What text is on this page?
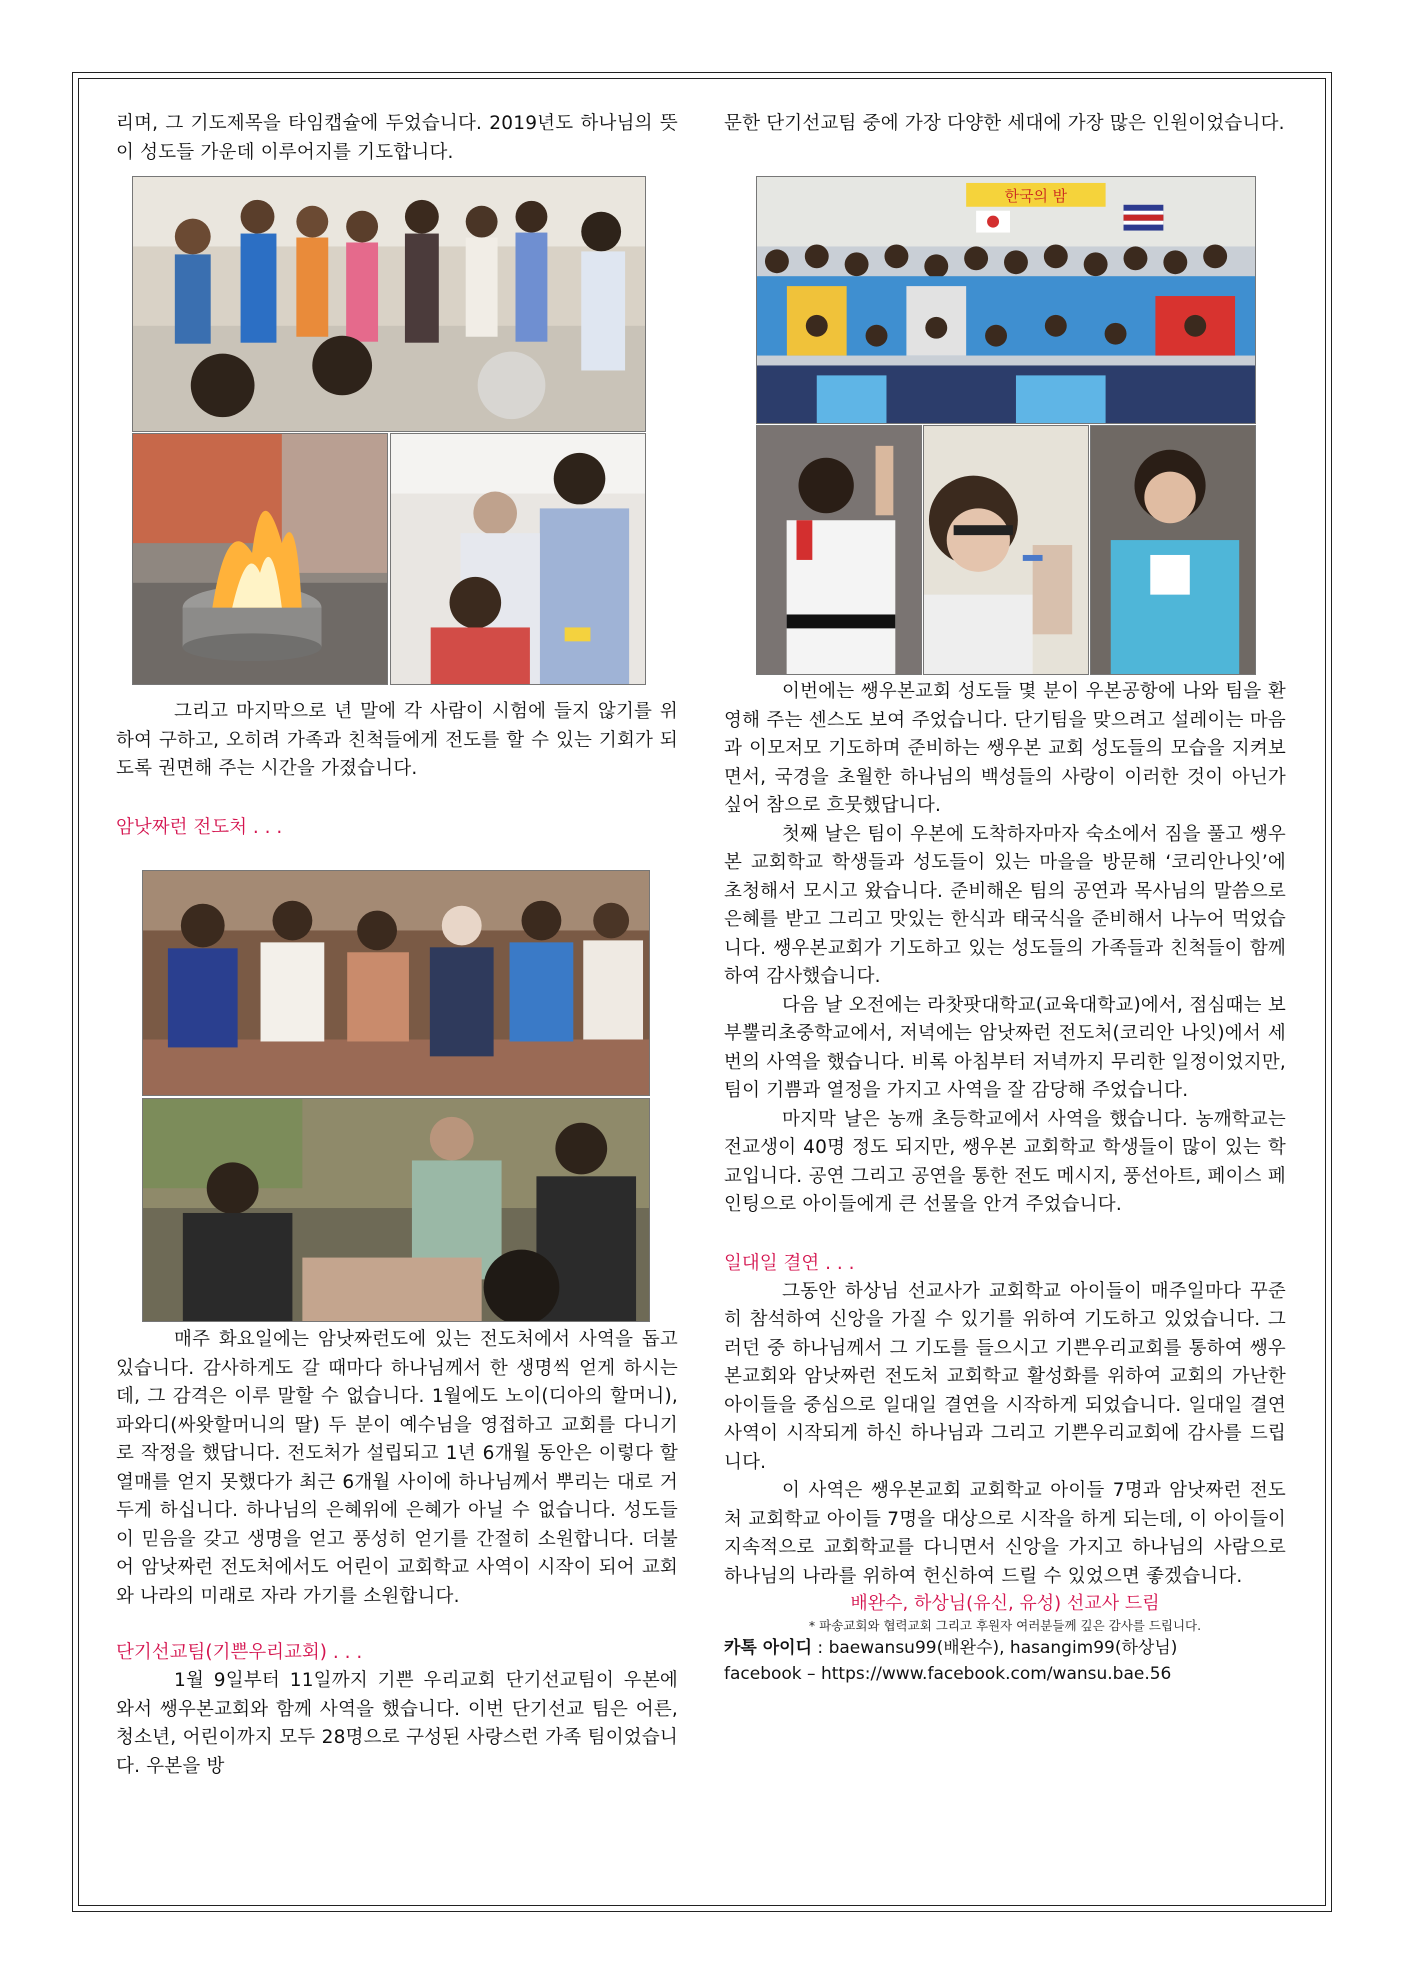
리며, 그 기도제목을 타임캡슐에 두었습니다. 2019년도 하나님의 뜻이 성도들 가운데 이루어지를 기도합니다.

그리고 마지막으로 년 말에 각 사람이 시험에 들지 않기를 위하여 구하고, 오히려 가족과 친척들에게 전도를 할 수 있는 기회가 되도록 권면해 주는 시간을 가졌습니다.

암낫짜런 전도처 . . .

매주 화요일에는 암낫짜런도에 있는 전도처에서 사역을 돕고 있습니다. 감사하게도 갈 때마다 하나님께서 한 생명씩 얻게 하시는데, 그 감격은 이루 말할 수 없습니다. 1월에도 노이(디아의 할머니), 파와디(싸왓할머니의 딸) 두 분이 예수님을 영접하고 교회를 다니기로 작정을 했답니다. 전도처가 설립되고 1년 6개월 동안은 이렇다 할 열매를 얻지 못했다가 최근 6개월 사이에 하나님께서 뿌리는 대로 거두게 하십니다. 하나님의 은혜위에 은혜가 아닐 수 없습니다. 성도들이 믿음을 갖고 생명을 얻고 풍성히 얻기를 간절히 소원합니다. 더불어 암낫짜런 전도처에서도 어린이 교회학교 사역이 시작이 되어 교회와 나라의 미래로 자라 가기를 소원합니다.

단기선교팀(기쁜우리교회) . . .

1월 9일부터 11일까지 기쁜 우리교회 단기선교팀이 우본에 와서 쌩우본교회와 함께 사역을 했습니다. 이번 단기선교 팀은 어른, 청소년, 어린이까지 모두 28명으로 구성된 사랑스런 가족 팀이었습니다. 우본을 방

문한 단기선교팀 중에 가장 다양한 세대에 가장 많은 인원이었습니다.

이번에는 쌩우본교회 성도들 몇 분이 우본공항에 나와 팀을 환영해 주는 센스도 보여 주었습니다. 단기팀을 맞으려고 설레이는 마음과 이모저모 기도하며 준비하는 쌩우본 교회 성도들의 모습을 지켜보면서, 국경을 초월한 하나님의 백성들의 사랑이 이러한 것이 아닌가 싶어 참으로 흐뭇했답니다.

첫째 날은 팀이 우본에 도착하자마자 숙소에서 짐을 풀고 쌩우본 교회학교 학생들과 성도들이 있는 마을을 방문해 ‘코리안나잇’에 초청해서 모시고 왔습니다. 준비해온 팀의 공연과 목사님의 말씀으로 은혜를 받고 그리고 맛있는 한식과 태국식을 준비해서 나누어 먹었습니다. 쌩우본교회가 기도하고 있는 성도들의 가족들과 친척들이 함께하여 감사했습니다.

다음 날 오전에는 라찻팟대학교(교육대학교)에서, 점심때는 보부뿔리초중학교에서, 저녁에는 암낫짜런 전도처(코리안 나잇)에서 세 번의 사역을 했습니다. 비록 아침부터 저녁까지 무리한 일정이었지만, 팀이 기쁨과 열정을 가지고 사역을 잘 감당해 주었습니다.

마지막 날은 농깨 초등학교에서 사역을 했습니다. 농깨학교는 전교생이 40명 정도 되지만, 쌩우본 교회학교 학생들이 많이 있는 학교입니다. 공연 그리고 공연을 통한 전도 메시지, 풍선아트, 페이스 페인팅으로 아이들에게 큰 선물을 안겨 주었습니다.

일대일 결연 . . .

그동안 하상님 선교사가 교회학교 아이들이 매주일마다 꾸준히 참석하여 신앙을 가질 수 있기를 위하여 기도하고 있었습니다. 그러던 중 하나님께서 그 기도를 들으시고 기쁜우리교회를 통하여 쌩우본교회와 암낫짜런 전도처 교회학교 활성화를 위하여 교회의 가난한 아이들을 중심으로 일대일 결연을 시작하게 되었습니다. 일대일 결연 사역이 시작되게 하신 하나님과 그리고 기쁜우리교회에 감사를 드립니다.

이 사역은 쌩우본교회 교회학교 아이들 7명과 암낫짜런 전도처 교회학교 아이들 7명을 대상으로 시작을 하게 되는데, 이 아이들이 지속적으로 교회학교를 다니면서 신앙을 가지고 하나님의 사람으로 하나님의 나라를 위하여 헌신하여 드릴 수 있었으면 좋겠습니다.

배완수, 하상님(유신, 유성) 선교사 드림
* 파송교회와 협력교회 그리고 후원자 여러분들께 깊은 감사를 드립니다.
카톡 아이디 : baewansu99(배완수), hasangim99(하상님)
facebook – https://www.facebook.com/wansu.bae.56
한국의 밤
